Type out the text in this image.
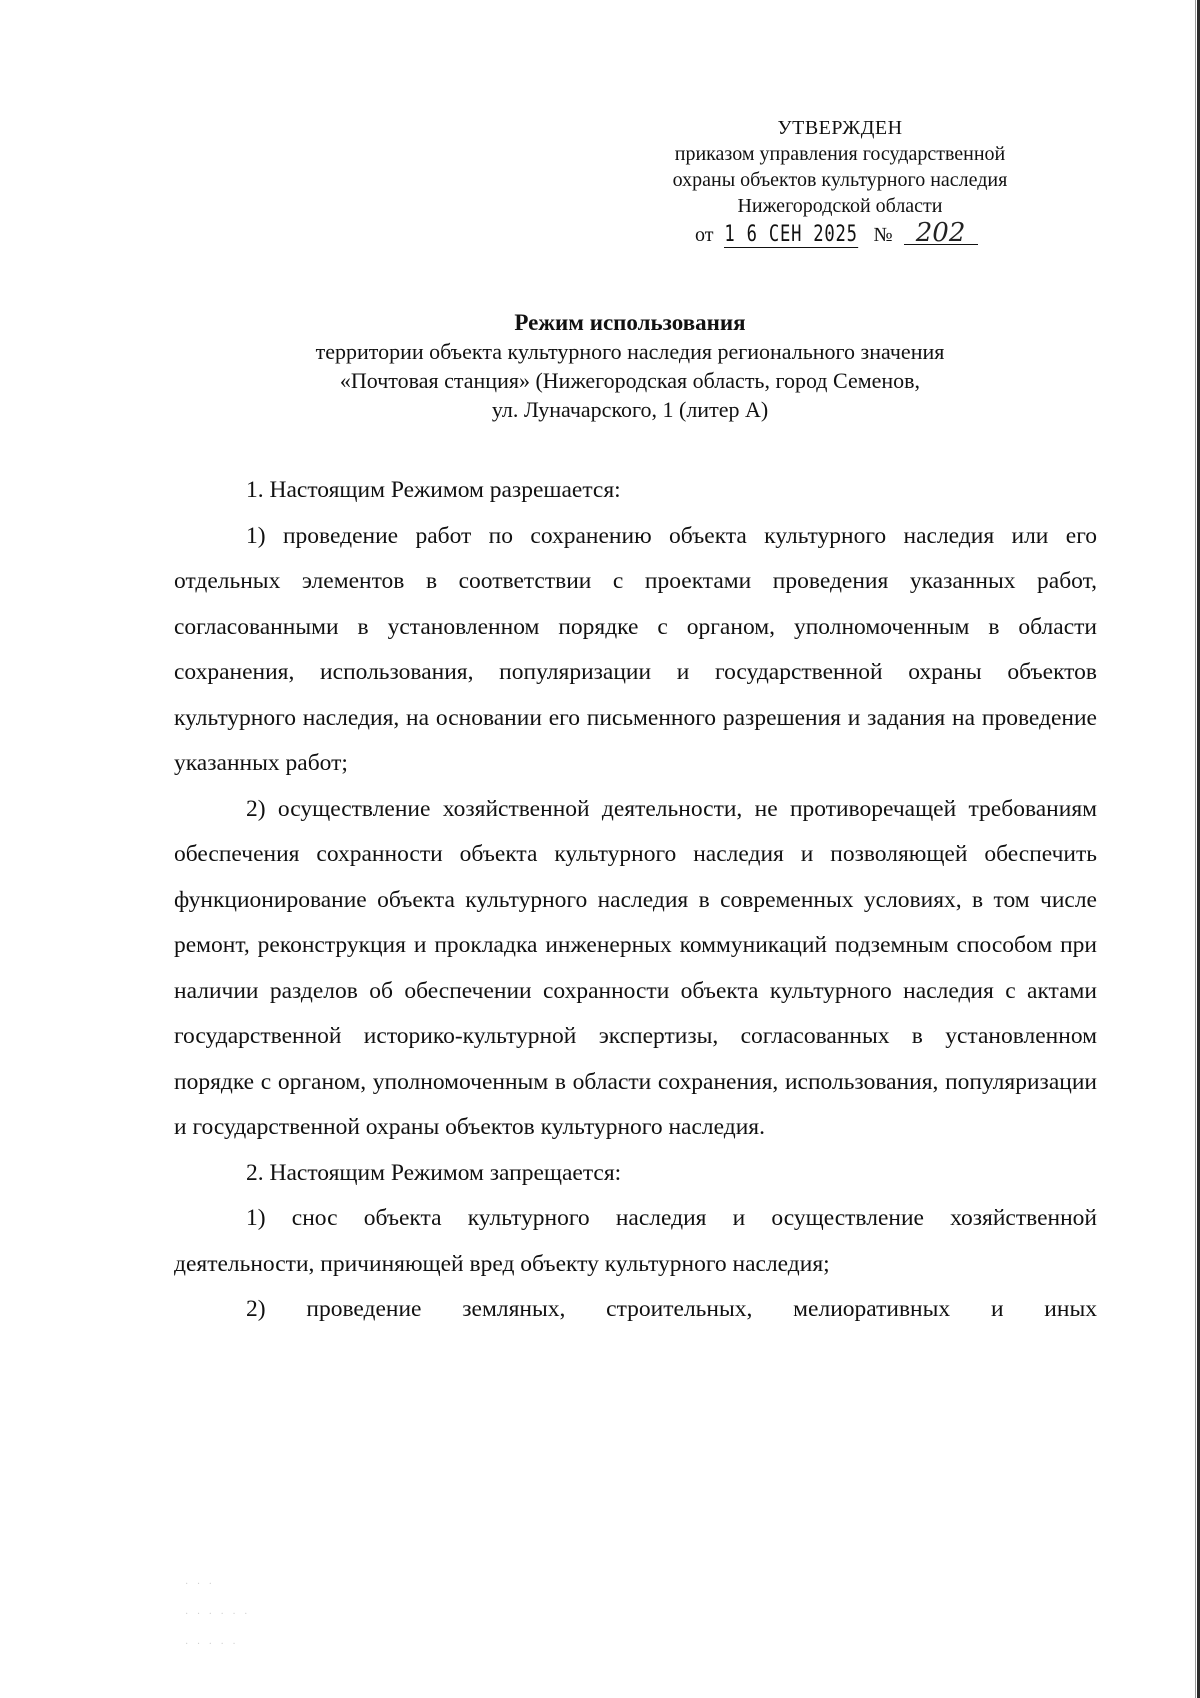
УТВЕРЖДЕН
приказом управления государственной
охраны объектов культурного наследия
Нижегородской области
от 1 6 СЕН 2025 № 202
Режим использования
территории объекта культурного наследия регионального значения
«Почтовая станция» (Нижегородская область, город Семенов,
ул. Луначарского, 1 (литер А)

1. Настоящим Режимом разрешается:

1) проведение работ по сохранению объекта культурного наследия или его отдельных элементов в соответствии с проектами проведения указанных работ, согласованными в установленном порядке с органом, уполномоченным в области сохранения, использования, популяризации и государственной охраны объектов культурного наследия, на основании его письменного разрешения и задания на проведение указанных работ;

2) осуществление хозяйственной деятельности, не противоречащей требованиям обеспечения сохранности объекта культурного наследия и позволяющей обеспечить функционирование объекта культурного наследия в современных условиях, в том числе ремонт, реконструкция и прокладка инженерных коммуникаций подземным способом при наличии разделов об обеспечении сохранности объекта культурного наследия с актами государственной историко-культурной экспертизы, согласованных в установленном порядке с органом, уполномоченным в области сохранения, использования, популяризации и государственной охраны объектов культурного наследия.

2. Настоящим Режимом запрещается:

1) снос объекта культурного наследия и осуществление хозяйственной деятельности, причиняющей вред объекту культурного наследия;

2) проведение земляных, строительных, мелиоративных и иных

· · ·
· · · · · ·
· · · · ·
